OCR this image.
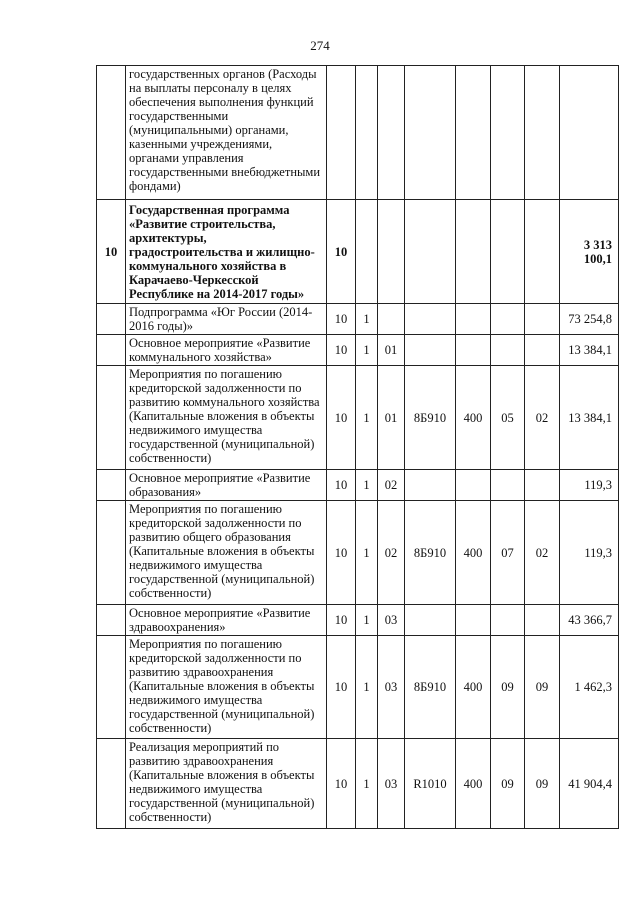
274
	государственных органов (Расходы на выплаты персоналу в целях обеспечения выполнения функций государственными (муниципальными) органами, казенными учреждениями, органами управления государственными внебюджетными фондами)								
10	Государственная программа «Развитие строительства, архитектуры, градостроительства и жилищно-коммунального хозяйства в Карачаево-Черкесской Республике на 2014-2017 годы»	10							3 313 100,1
	Подпрограмма «Юг России (2014-2016 годы)»	10	1						73 254,8
	Основное мероприятие «Развитие коммунального хозяйства»	10	1	01					13 384,1
	Мероприятия по погашению кредиторской задолженности по развитию коммунального хозяйства (Капитальные вложения в объекты недвижимого имущества государственной (муниципальной) собственности)	10	1	01	8Б910	400	05	02	13 384,1
	Основное мероприятие «Развитие образования»	10	1	02					119,3
	Мероприятия по погашению кредиторской задолженности по развитию общего образования (Капитальные вложения в объекты недвижимого имущества государственной (муниципальной) собственности)	10	1	02	8Б910	400	07	02	119,3
	Основное мероприятие «Развитие здравоохранения»	10	1	03					43 366,7
	Мероприятия по погашению кредиторской задолженности по развитию здравоохранения (Капитальные вложения в объекты недвижимого имущества государственной (муниципальной) собственности)	10	1	03	8Б910	400	09	09	1 462,3
	Реализация мероприятий по развитию здравоохранения (Капитальные вложения в объекты недвижимого имущества государственной (муниципальной) собственности)	10	1	03	R1010	400	09	09	41 904,4
